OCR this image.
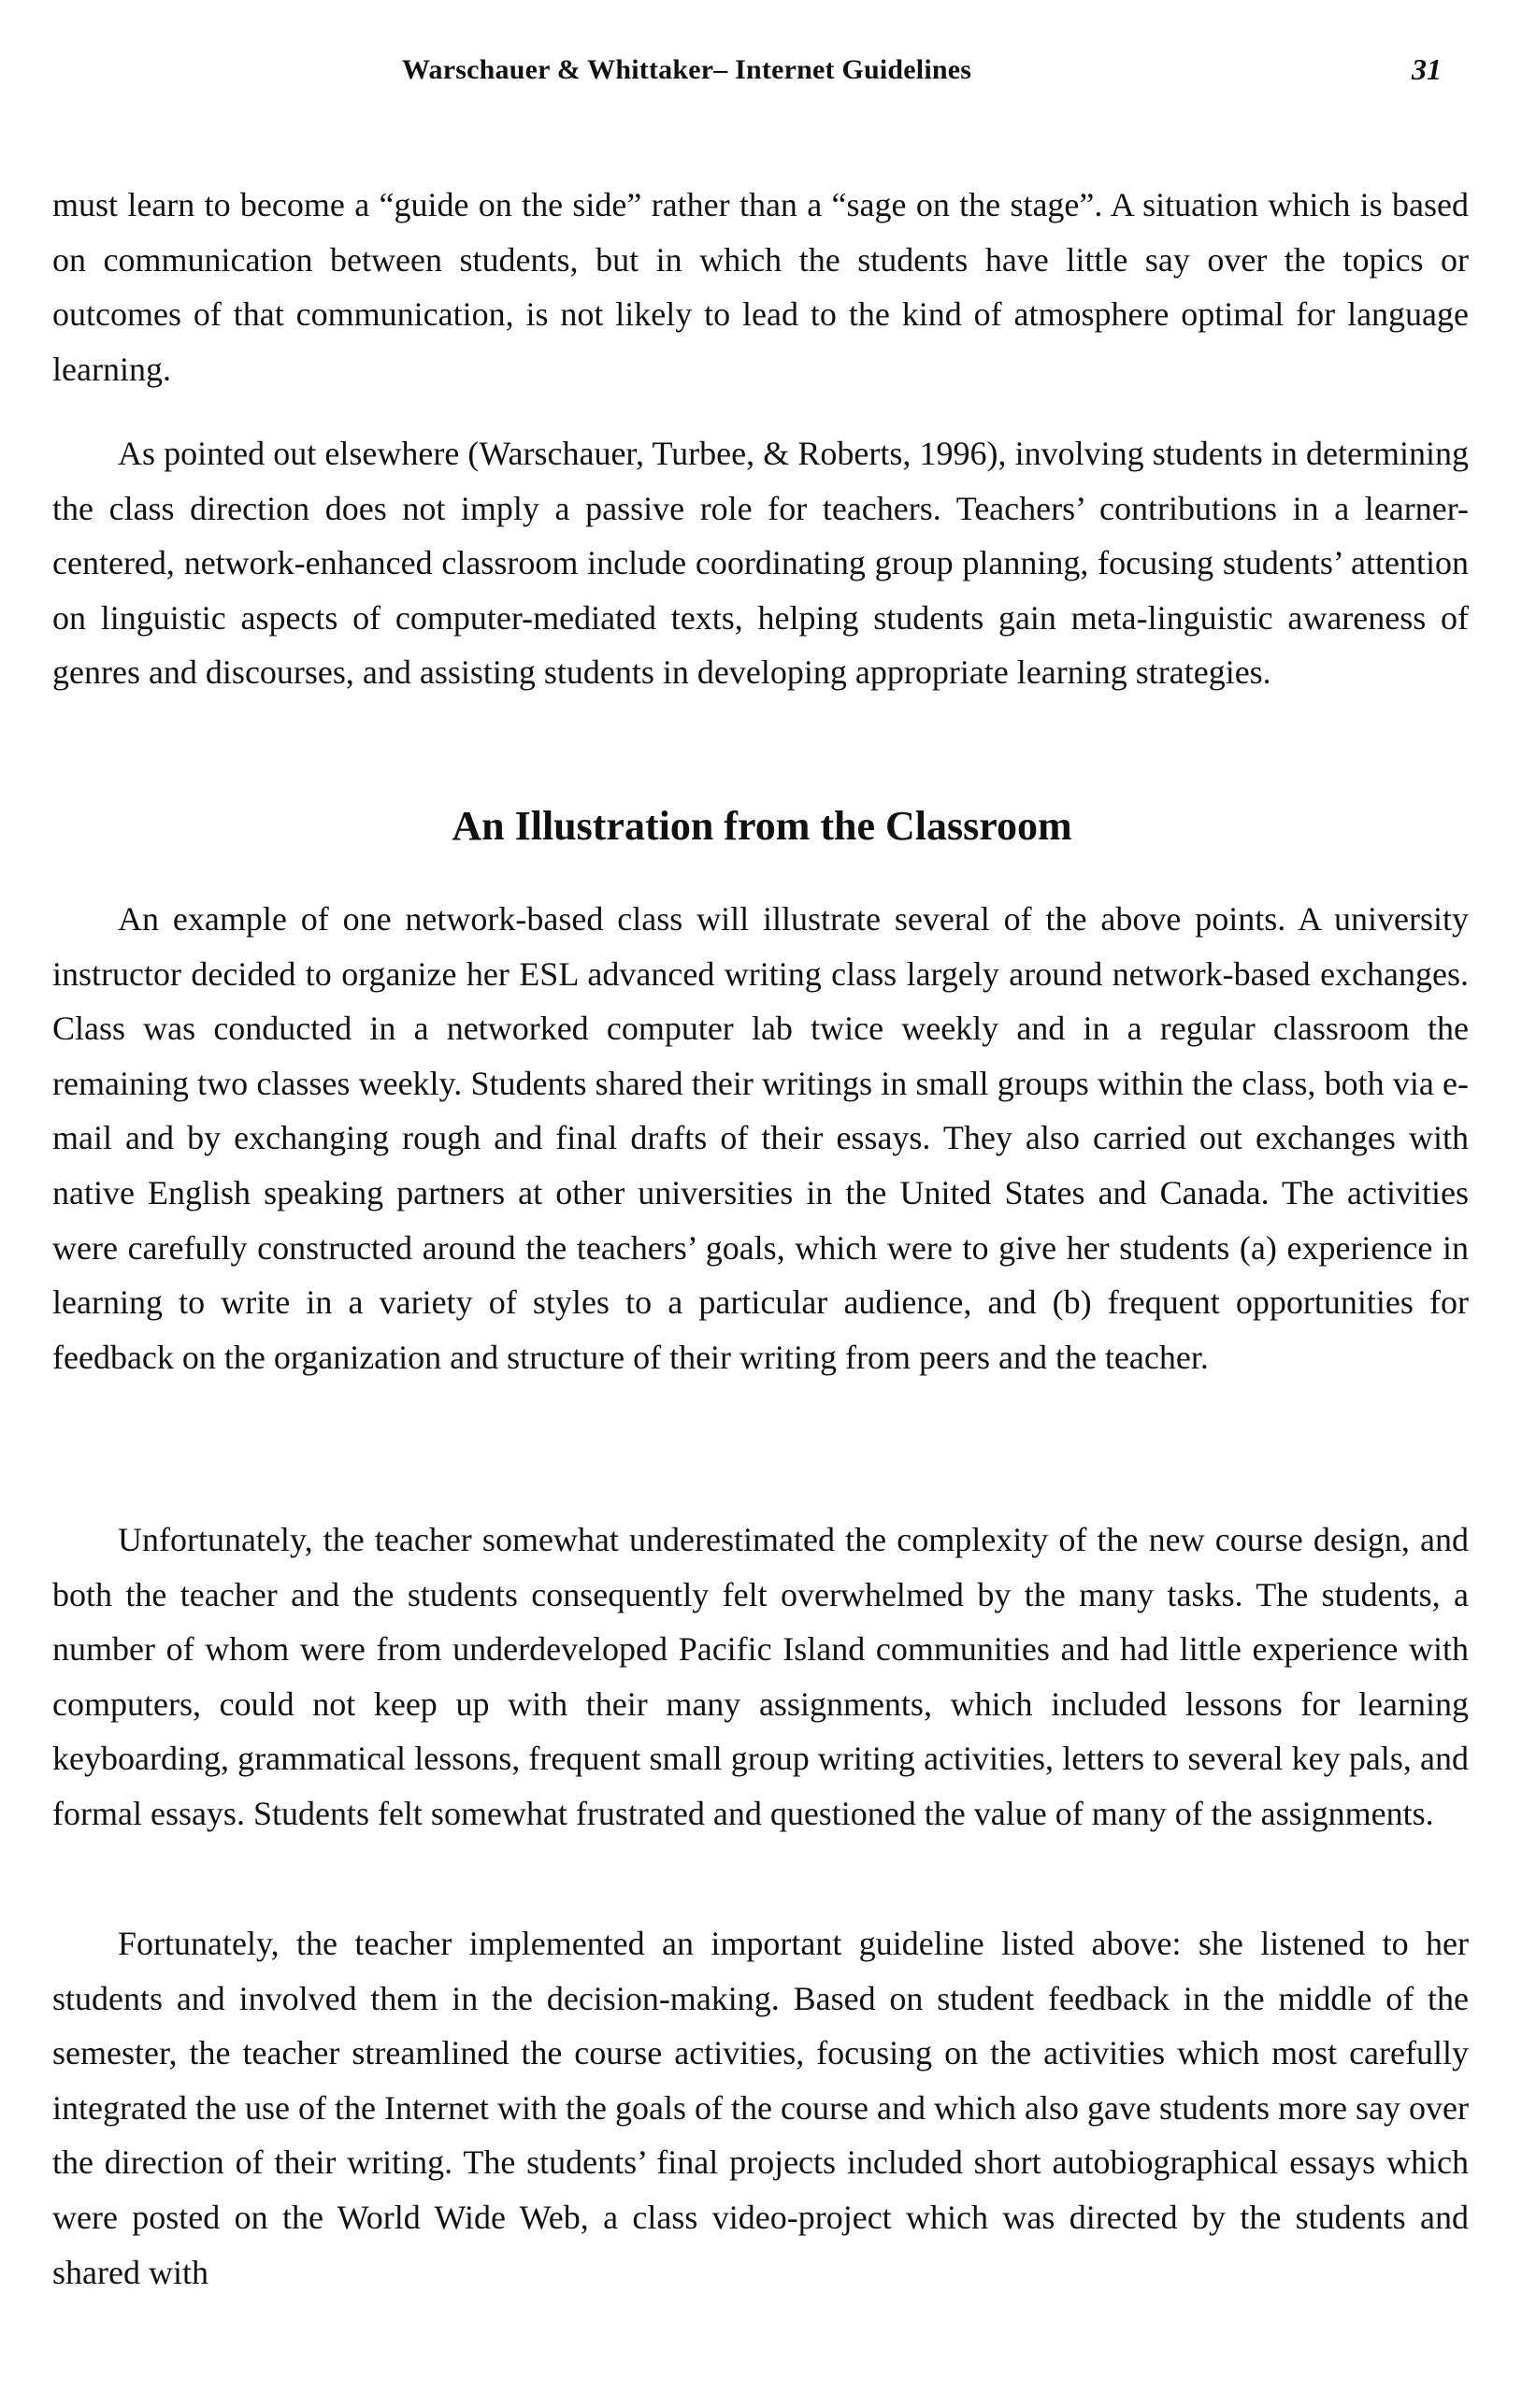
Warschauer & Whittaker– Internet Guidelines	31

must learn to become a “guide on the side” rather than a “sage on the stage”. A situation which is based on communication between students, but in which the students have little say over the topics or outcomes of that communication, is not likely to lead to the kind of atmosphere optimal for language learning.

As pointed out elsewhere (Warschauer, Turbee, & Roberts, 1996), involving students in determining the class direction does not imply a passive role for teachers. Teachers’ contributions in a learner-centered, network-enhanced classroom include coordinating group planning, focusing students’ attention on linguistic aspects of computer-mediated texts, helping students gain meta-linguistic awareness of genres and discourses, and assisting students in developing appropriate learning strategies.

An Illustration from the Classroom

An example of one network-based class will illustrate several of the above points. A university instructor decided to organize her ESL advanced writing class largely around network-based exchanges. Class was conducted in a networked computer lab twice weekly and in a regular classroom the remaining two classes weekly. Students shared their writings in small groups within the class, both via e-mail and by exchanging rough and final drafts of their essays. They also carried out exchanges with native English speaking partners at other universities in the United States and Canada. The activities were carefully constructed around the teachers’ goals, which were to give her students (a) experience in learning to write in a variety of styles to a particular audience, and (b) frequent opportunities for feedback on the organization and structure of their writing from peers and the teacher.

Unfortunately, the teacher somewhat underestimated the complexity of the new course design, and both the teacher and the students consequently felt overwhelmed by the many tasks. The students, a number of whom were from underdeveloped Pacific Island communities and had little experience with computers, could not keep up with their many assignments, which included lessons for learning keyboarding, grammatical lessons, frequent small group writing activities, letters to several key pals, and formal essays. Students felt somewhat frustrated and questioned the value of many of the assignments.

Fortunately, the teacher implemented an important guideline listed above: she listened to her students and involved them in the decision-making. Based on student feedback in the middle of the semester, the teacher streamlined the course activities, focusing on the activities which most carefully integrated the use of the Internet with the goals of the course and which also gave students more say over the direction of their writing. The students’ final projects included short autobiographical essays which were posted on the World Wide Web, a class video-project which was directed by the students and shared with
